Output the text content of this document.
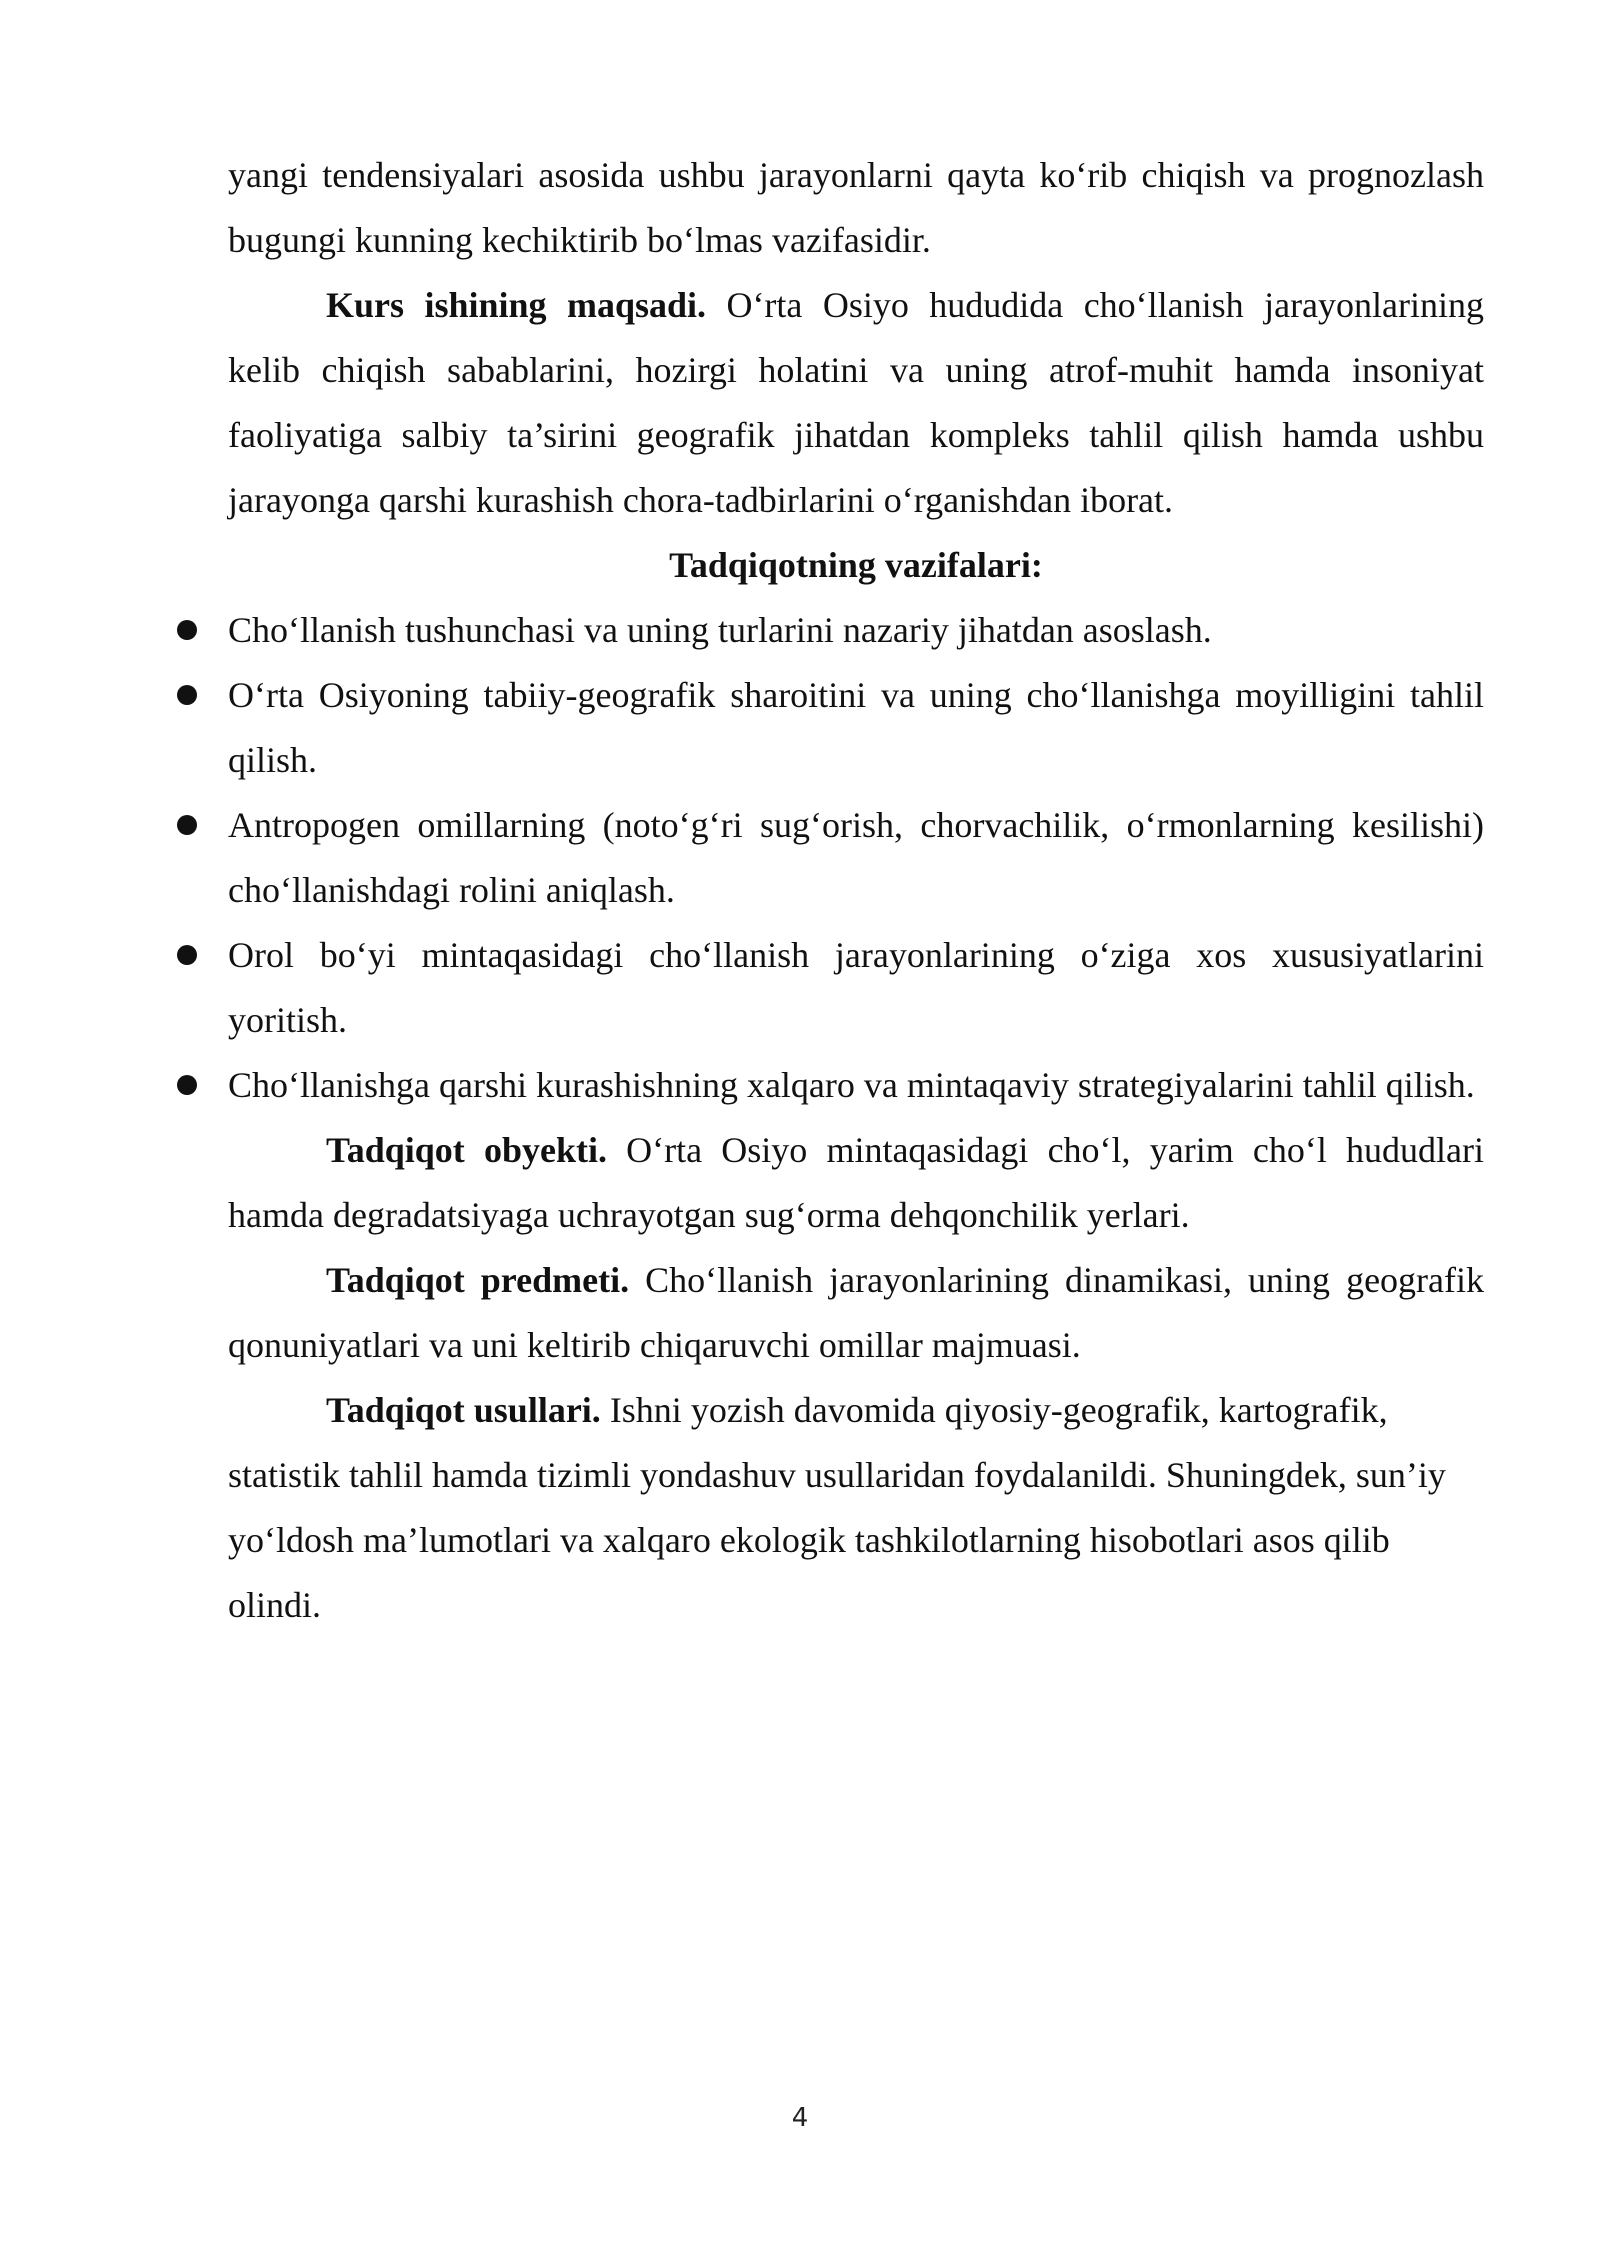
yangi tendensiyalari asosida ushbu jarayonlarni qayta ko‘rib chiqish va prognozlash bugungi kunning kechiktirib bo‘lmas vazifasidir.

Kurs ishining maqsadi. O‘rta Osiyo hududida cho‘llanish jarayonlarining kelib chiqish sabablarini, hozirgi holatini va uning atrof-muhit hamda insoniyat faoliyatiga salbiy ta’sirini geografik jihatdan kompleks tahlil qilish hamda ushbu jarayonga qarshi kurashish chora-tadbirlarini o‘rganishdan iborat.

Tadqiqotning vazifalari:

Cho‘llanish tushunchasi va uning turlarini nazariy jihatdan asoslash.
O‘rta Osiyoning tabiiy-geografik sharoitini va uning cho‘llanishga moyilligini tahlil qilish.
Antropogen omillarning (noto‘g‘ri sug‘orish, chorvachilik, o‘rmonlarning kesilishi) cho‘llanishdagi rolini aniqlash.
Orol bo‘yi mintaqasidagi cho‘llanish jarayonlarining o‘ziga xos xususiyatlarini yoritish.
Cho‘llanishga qarshi kurashishning xalqaro va mintaqaviy strategiyalarini tahlil qilish.

Tadqiqot obyekti. O‘rta Osiyo mintaqasidagi cho‘l, yarim cho‘l hududlari hamda degradatsiyaga uchrayotgan sug‘orma dehqonchilik yerlari.

Tadqiqot predmeti. Cho‘llanish jarayonlarining dinamikasi, uning geografik qonuniyatlari va uni keltirib chiqaruvchi omillar majmuasi.

Tadqiqot usullari. Ishni yozish davomida qiyosiy-geografik, kartografik, statistik tahlil hamda tizimli yondashuv usullaridan foydalanildi. Shuningdek, sun’iy yo‘ldosh ma’lumotlari va xalqaro ekologik tashkilotlarning hisobotlari asos qilib olindi.

4
